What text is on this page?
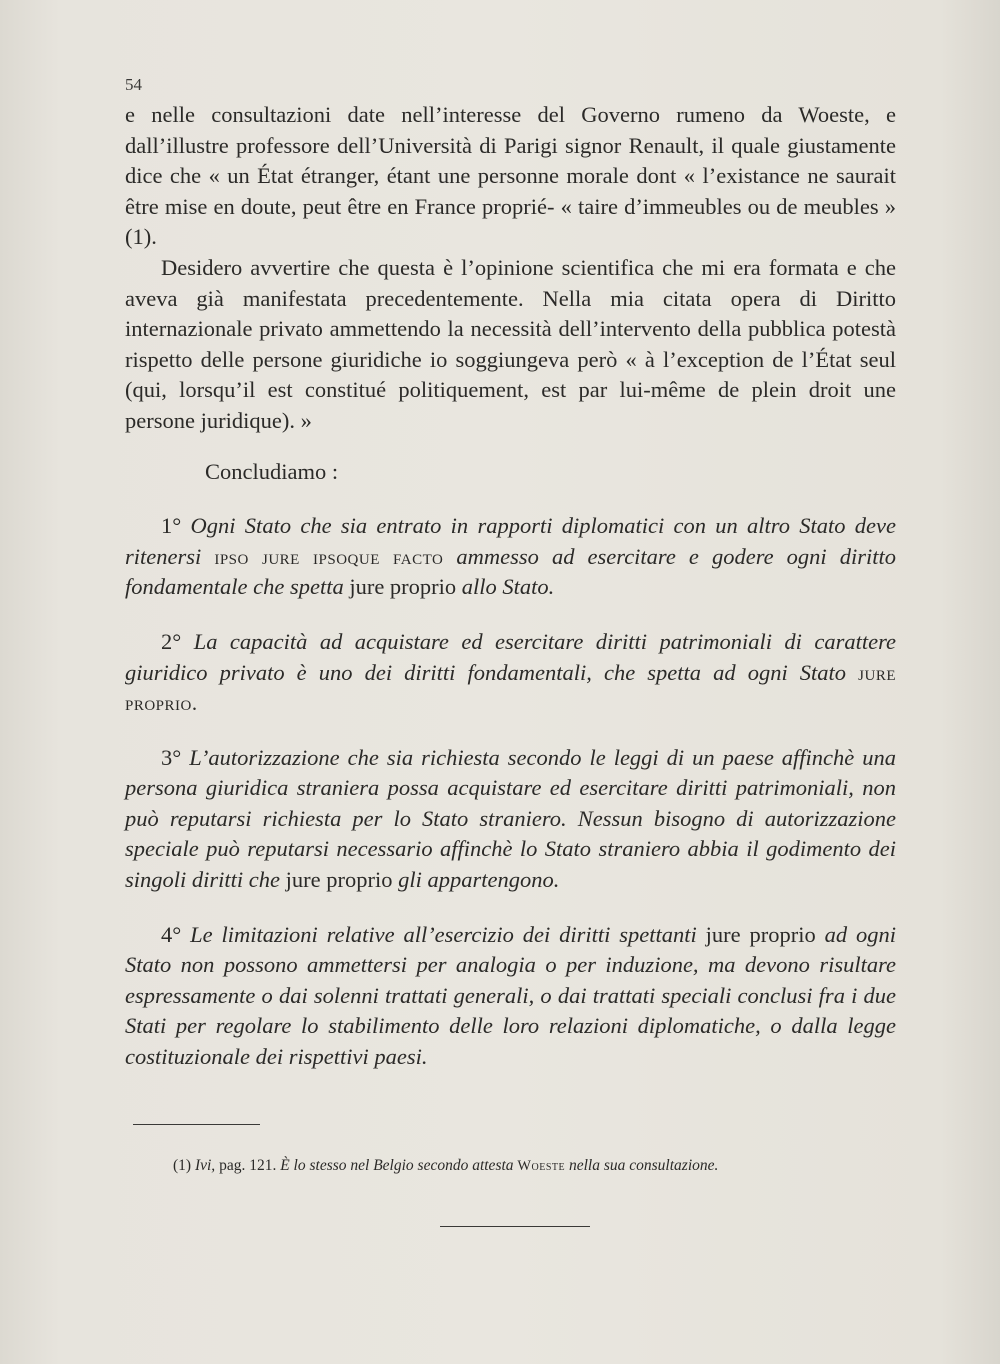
54

e nelle consultazioni date nell’interesse del Governo rumeno da Woeste, e dall’illustre professore dell’Università di Parigi signor Renault, il quale giustamente dice che « un État étranger, étant une personne morale dont « l’existance ne saurait être mise en doute, peut être en France proprié- « taire d’immeubles ou de meubles » (1).

Desidero avvertire che questa è l’opinione scientifica che mi era formata e che aveva già manifestata precedentemente. Nella mia citata opera di Diritto internazionale privato ammettendo la necessità dell’intervento della pubblica potestà rispetto delle persone giuridiche io soggiungeva però « à l’exception de l’État seul (qui, lorsqu’il est constitué politiquement, est par lui-même de plein droit une persone juridique). »

Concludiamo :

1° Ogni Stato che sia entrato in rapporti diplomatici con un altro Stato deve ritenersi ipso jure ipsoque facto ammesso ad esercitare e godere ogni diritto fondamentale che spetta jure proprio allo Stato.

2° La capacità ad acquistare ed esercitare diritti patrimoniali di carattere giuridico privato è uno dei diritti fondamentali, che spetta ad ogni Stato jure proprio.

3° L’autorizzazione che sia richiesta secondo le leggi di un paese affinchè una persona giuridica straniera possa acquistare ed esercitare diritti patrimoniali, non può reputarsi richiesta per lo Stato straniero. Nessun bisogno di autorizzazione speciale può reputarsi necessario affinchè lo Stato straniero abbia il godimento dei singoli diritti che jure proprio gli appartengono.

4° Le limitazioni relative all’esercizio dei diritti spettanti jure proprio ad ogni Stato non possono ammettersi per analogia o per induzione, ma devono risultare espressamente o dai solenni trattati generali, o dai trattati speciali conclusi fra i due Stati per regolare lo stabilimento delle loro relazioni diplomatiche, o dalla legge costituzionale dei rispettivi paesi.

(1) Ivi, pag. 121. È lo stesso nel Belgio secondo attesta Woeste nella sua consultazione.
